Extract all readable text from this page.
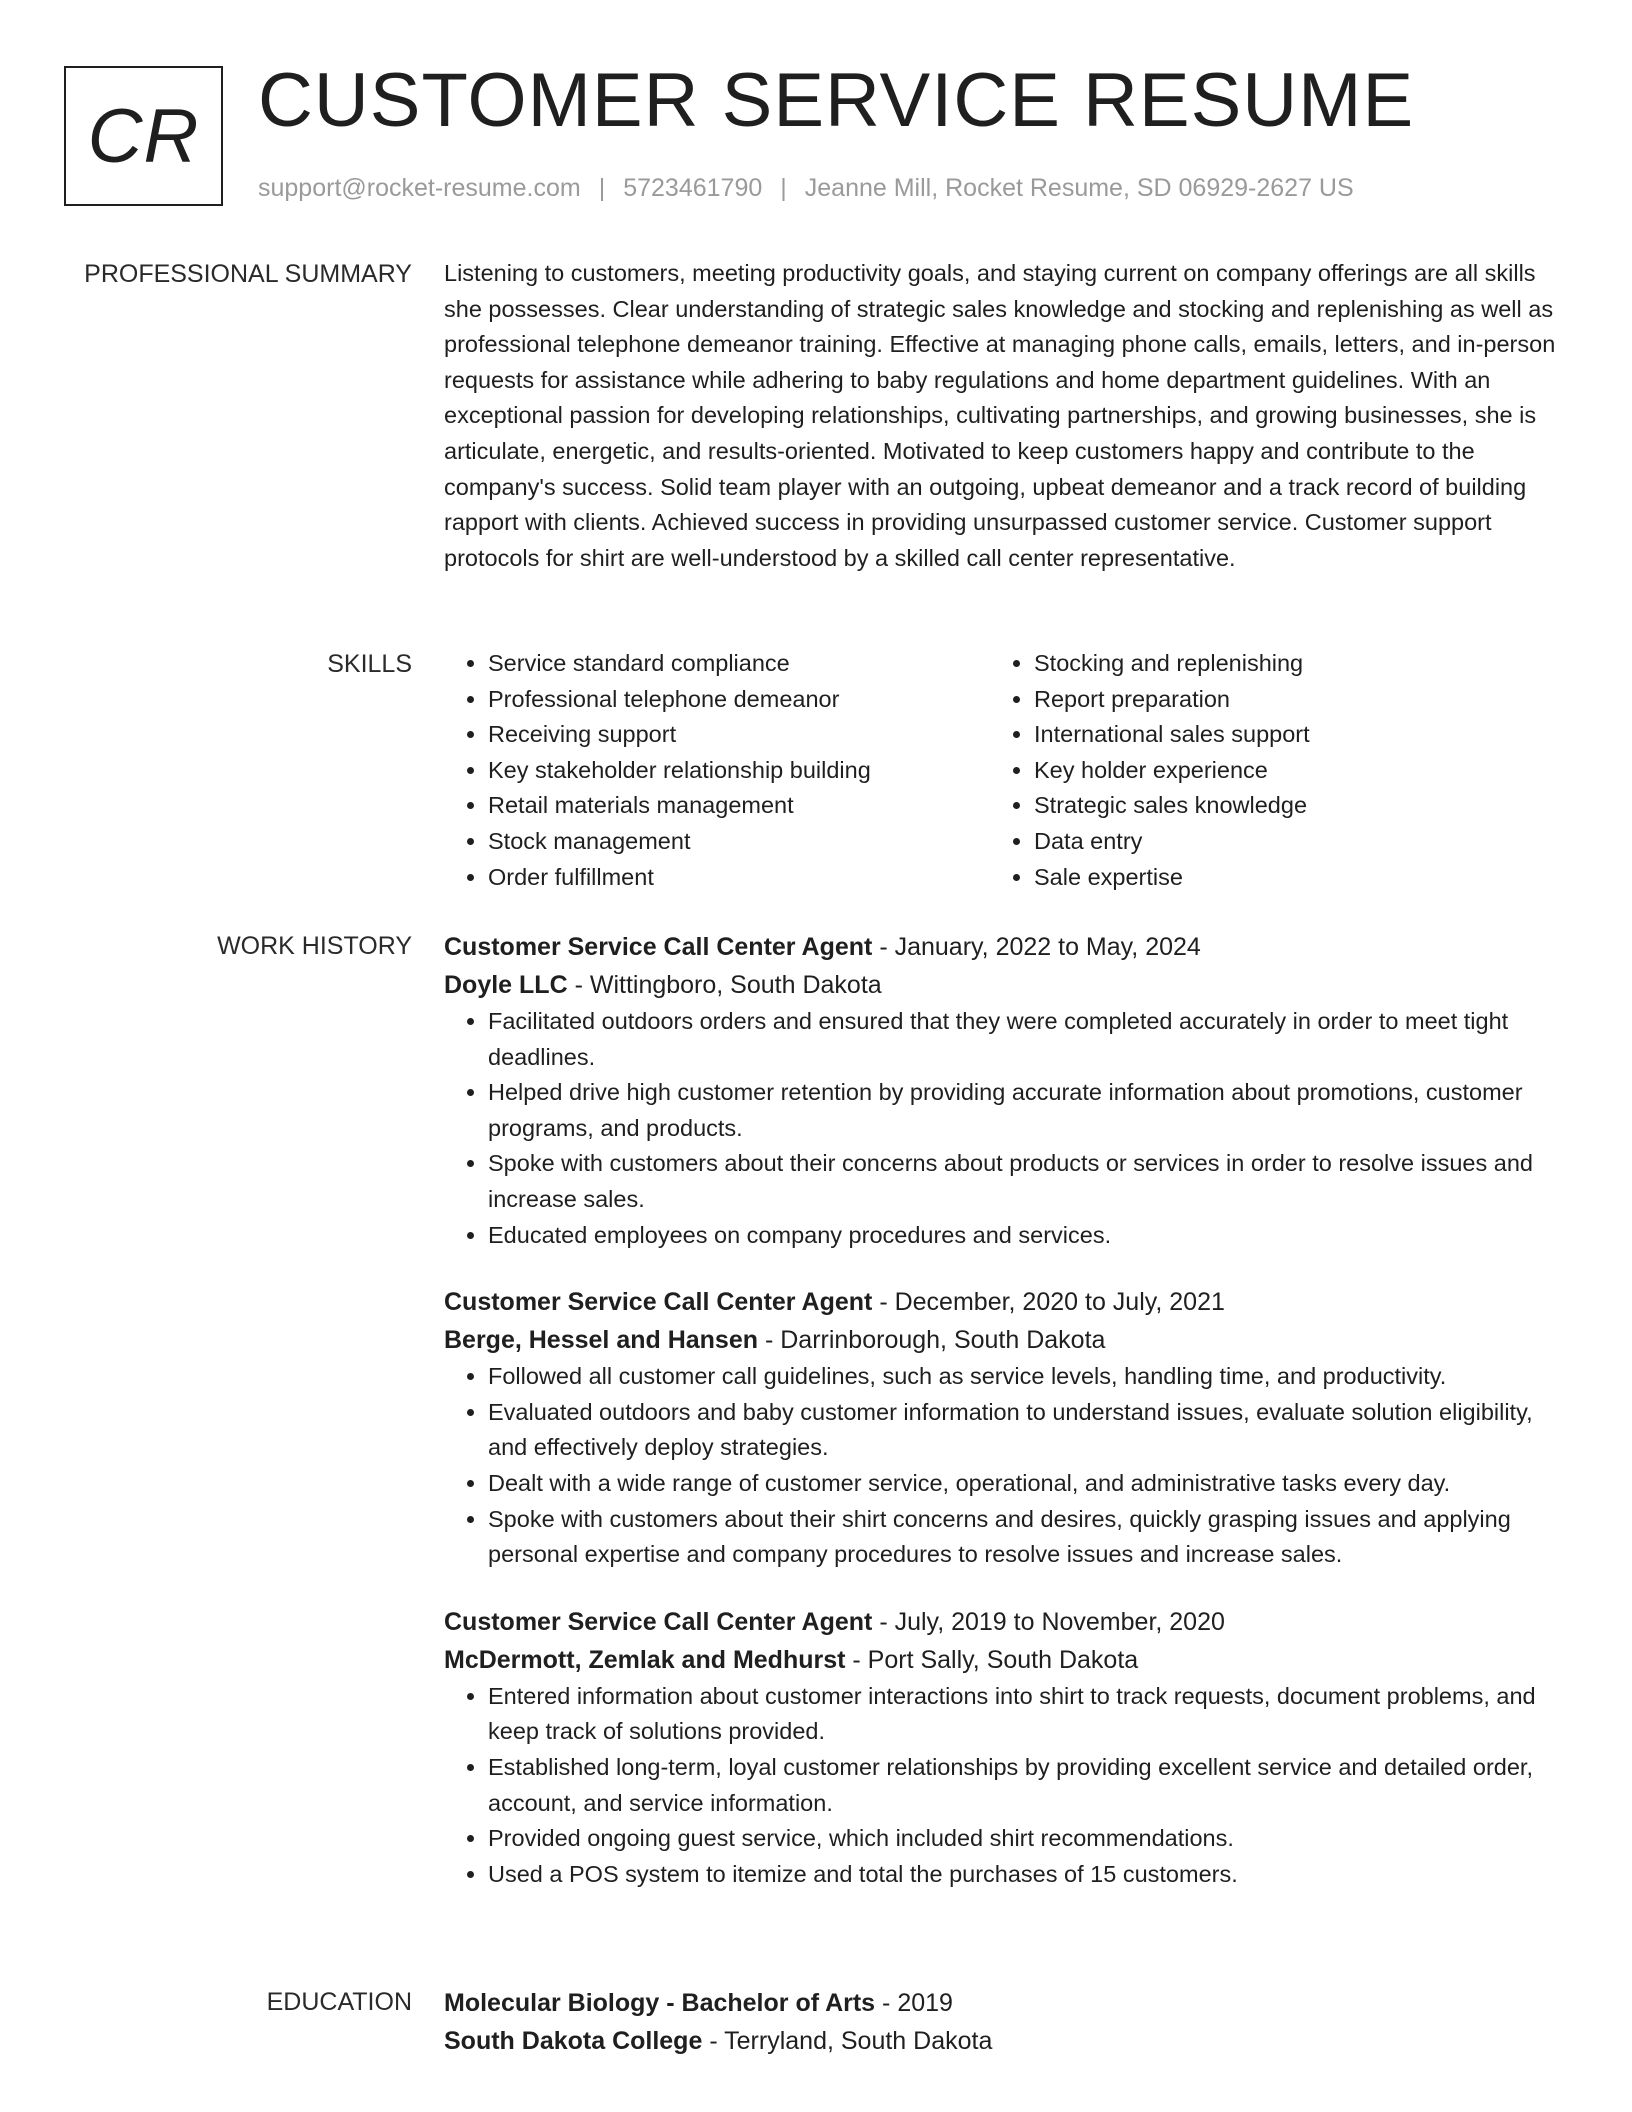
CR CUSTOMER SERVICE RESUME
support@rocket-resume.com | 5723461790 | Jeanne Mill, Rocket Resume, SD 06929-2627 US
PROFESSIONAL SUMMARY Listening to customers, meeting productivity goals, and staying current on company offerings are all skills she possesses. Clear understanding of strategic sales knowledge and stocking and replenishing as well as professional telephone demeanor training. Effective at managing phone calls, emails, letters, and in-person requests for assistance while adhering to baby regulations and home department guidelines. With an exceptional passion for developing relationships, cultivating partnerships, and growing businesses, she is articulate, energetic, and results-oriented. Motivated to keep customers happy and contribute to the company's success. Solid team player with an outgoing, upbeat demeanor and a track record of building rapport with clients. Achieved success in providing unsurpassed customer service. Customer support protocols for shirt are well-understood by a skilled call center representative.

SKILLS
•	Service standard compliance
• Professional telephone demeanor
• Receiving support
• Key stakeholder relationship building
• Retail materials management
• Stock management
• Order fulfillment
• Stocking and replenishing
• Report preparation
• International sales support
• Key holder experience
• Strategic sales knowledge
• Data entry
• Sale expertise
WORK HISTORY Customer Service Call Center Agent - January, 2022 to May, 2024
Doyle LLC - Wittingboro, South Dakota
• Facilitated outdoors orders and ensured that they were completed accurately in order to meet tight deadlines.
• Helped drive high customer retention by providing accurate information about promotions, customer programs, and products.
• Spoke with customers about their concerns about products or services in order to resolve issues and increase sales.
• Educated employees on company procedures and services.
Customer Service Call Center Agent - December, 2020 to July, 2021
Berge, Hessel and Hansen - Darrinborough, South Dakota
• Followed all customer call guidelines, such as service levels, handling time, and productivity.
• Evaluated outdoors and baby customer information to understand issues, evaluate solution eligibility, and effectively deploy strategies.
• Dealt with a wide range of customer service, operational, and administrative tasks every day.
• Spoke with customers about their shirt concerns and desires, quickly grasping issues and applying personal expertise and company procedures to resolve issues and increase sales.
Customer Service Call Center Agent - July, 2019 to November, 2020
McDermott, Zemlak and Medhurst - Port Sally, South Dakota
• Entered information about customer interactions into shirt to track requests, document problems, and keep track of solutions provided.
• Established long-term, loyal customer relationships by providing excellent service and detailed order, account, and service information.
• Provided ongoing guest service, which included shirt recommendations.
• Used a POS system to itemize and total the purchases of 15 customers.
EDUCATION Molecular Biology - Bachelor of Arts - 2019
South Dakota College - Terryland, South Dakota
